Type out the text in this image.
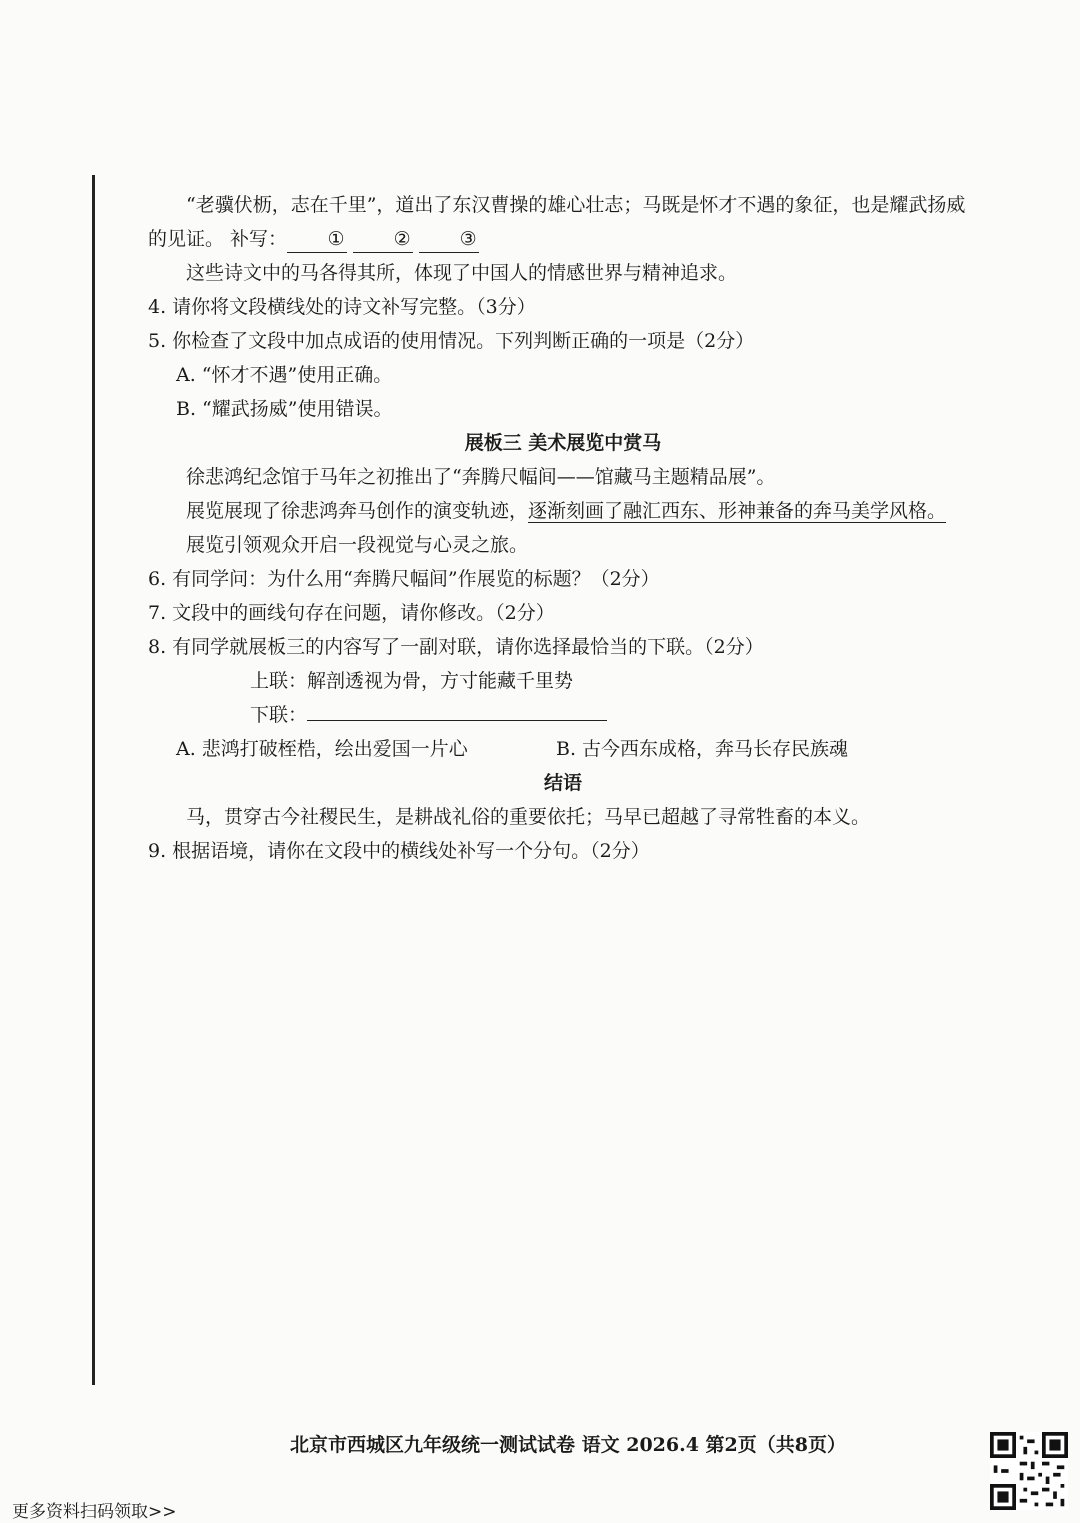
“老骥伏枥，志在千里”，道出了东汉曹操的雄心壮志；马既是怀才不遇的象征，也是耀武扬威的见证。 补写： ①	②	③

这些诗文中的马各得其所，体现了中国人的情感世界与精神追求。

4. 请你将文段横线处的诗文补写完整。（3分）

5. 你检查了文段中加点成语的使用情况。下列判断正确的一项是（2分）

A. “怀才不遇”使用正确。

B. “耀武扬威”使用错误。

展板三 美术展览中赏马

徐悲鸿纪念馆于马年之初推出了“奔腾尺幅间——馆藏马主题精品展”。

展览展现了徐悲鸿奔马创作的演变轨迹，逐渐刻画了融汇西东、形神兼备的奔马美学风格。

展览引领观众开启一段视觉与心灵之旅。

6. 有同学问：为什么用“奔腾尺幅间”作展览的标题？（2分）

7. 文段中的画线句存在问题，请你修改。（2分）

8. 有同学就展板三的内容写了一副对联，请你选择最恰当的下联。（2分）

上联：解剖透视为骨，方寸能藏千里势

下联：

A. 悲鸿打破桎梏，绘出爱国一片心	B. 古今西东成格，奔马长存民族魂

结语

马，贯穿古今社稷民生，是耕战礼俗的重要依托；马早已超越了寻常牲畜的本义。

9. 根据语境，请你在文段中的横线处补写一个分句。（2分）

北京市西城区九年级统一测试试卷 语文 2026.4 第2页（共8页）
更多资料扫码领取>>
